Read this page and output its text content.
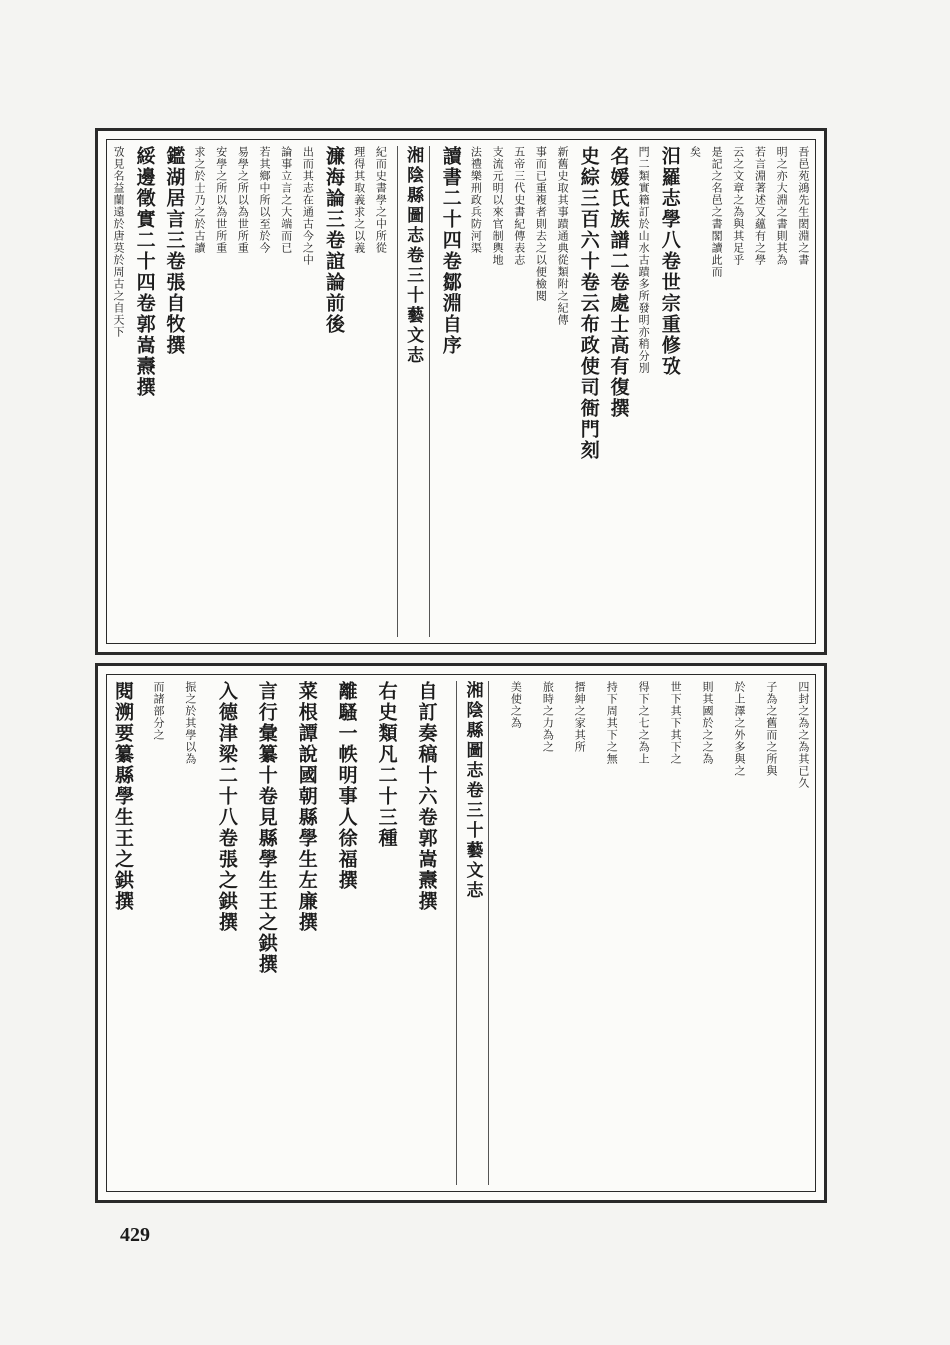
吾邑苑鴻先生閎淵之書
明之亦大淵之書則其為
若言淵著述又蘊有之學
云之文章之為與其足乎
是記之名邑之書閣讀此而
矣
汨羅志學八卷世宗重修攷
門二類實籍訂於山水古蹟多所發明亦稍分別
名媛氏族譜二卷處士高有復撰
史綜三百六十卷云布政使司衙門刻
新舊史取其事蹟通典從類附之紀傳
事而已重複者則去之以便檢閱
五帝三代史書紀傳表志
支流元明以來官制輿地
法禮樂刑政兵防河渠
讀書二十四卷鄒淵自序
湘陰縣圖志卷三十藝文志
紀而史書學之中所從
理得其取義求之以義
濂海論三卷誼論前後
出而其志在通古今之中
論事立言之大端而已
若其鄉中所以至於今
易學之所以為世所重
安學之所以為世所重
求之於士乃之於古讀
鑑湖居言三卷張自牧撰
綏邊徵實二十四卷郭嵩燾撰
攷見名益蘭遠於唐莫於周古之自天下
四封之為之為其已久
子為之舊而之所與
於上澤之外多與之
則其國於之之為
世下其下其下之
得下之七之為上
持下周其下之無
搢紳之家其所
旅時之力為之
美使之為
湘陰縣圖志卷三十藝文志
自訂奏稿十六卷郭嵩燾撰
右史類凡二十三種
離騷一帙明事人徐福撰
菜根譚說國朝縣學生左廉撰
言行彙纂十卷見縣學生王之鉷撰
入德津梁二十八卷張之鉷撰
振之於其學以為
而諸部分之
閱溯要纂縣學生王之鉷撰
429
